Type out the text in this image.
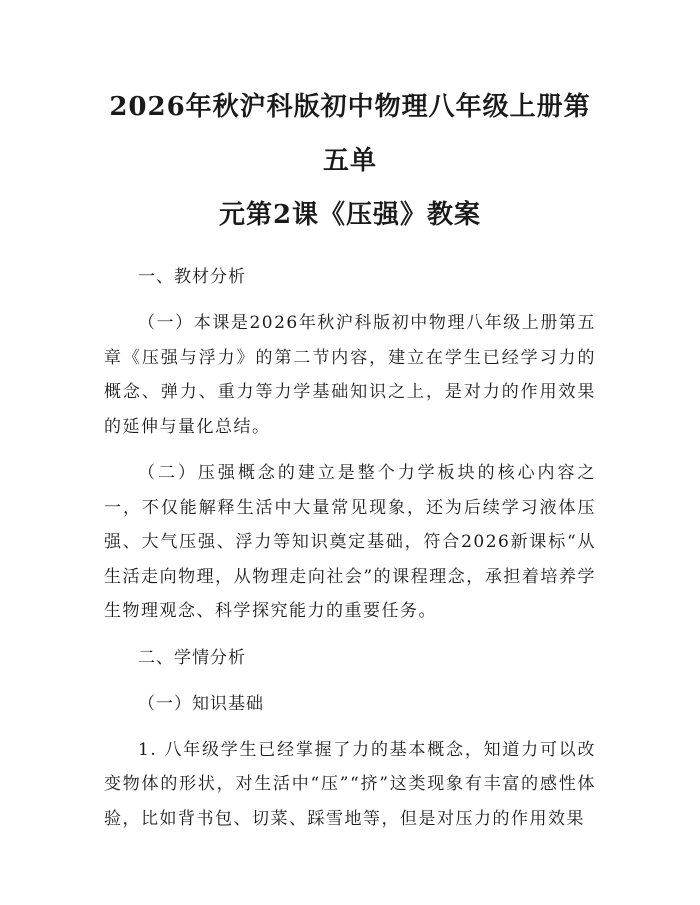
2026年秋沪科版初中物理八年级上册第五单
元第2课《压强》教案

一、教材分析

（一）本课是2026年秋沪科版初中物理八年级上册第五章《压强与浮力》的第二节内容，建立在学生已经学习力的概念、弹力、重力等力学基础知识之上，是对力的作用效果的延伸与量化总结。

（二）压强概念的建立是整个力学板块的核心内容之一，不仅能解释生活中大量常见现象，还为后续学习液体压强、大气压强、浮力等知识奠定基础，符合2026新课标“从生活走向物理，从物理走向社会”的课程理念，承担着培养学生物理观念、科学探究能力的重要任务。

二、学情分析

（一）知识基础

1. 八年级学生已经掌握了力的基本概念，知道力可以改变物体的形状，对生活中“压”“挤”这类现象有丰富的感性体验，比如背书包、切菜、踩雪地等，但是对压力的作用效果
